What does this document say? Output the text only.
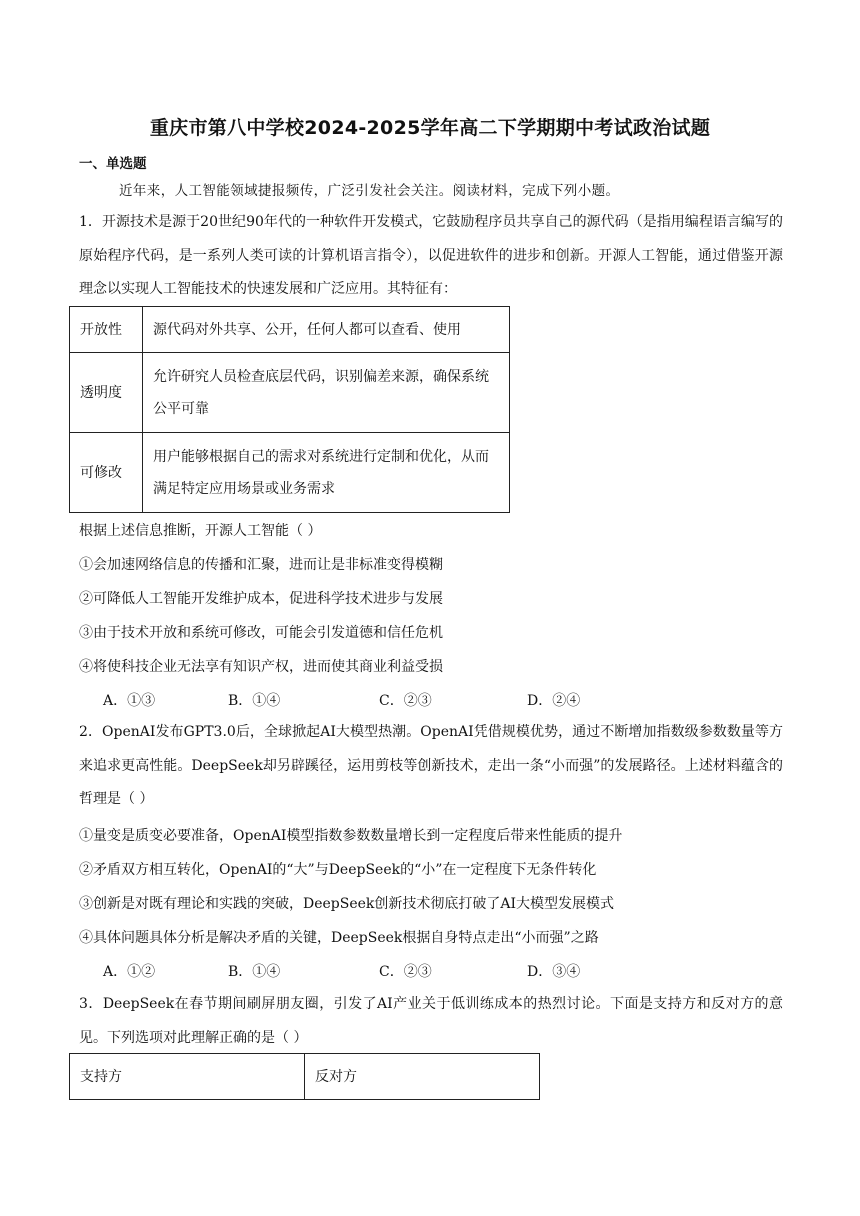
重庆市第八中学校2024-2025学年高二下学期期中考试政治试题
一、单选题
近年来，人工智能领域捷报频传，广泛引发社会关注。阅读材料，完成下列小题。
1．开源技术是源于20世纪90年代的一种软件开发模式，它鼓励程序员共享自己的源代码（是指用编程语言编写的原始程序代码，是一系列人类可读的计算机语言指令），以促进软件的进步和创新。开源人工智能，通过借鉴开源理念以实现人工智能技术的快速发展和广泛应用。其特征有：
开放性	源代码对外共享、公开，任何人都可以查看、使用
透明度	允许研究人员检查底层代码，识别偏差来源，确保系统公平可靠
可修改	用户能够根据自己的需求对系统进行定制和优化，从而满足特定应用场景或业务需求
根据上述信息推断，开源人工智能（ ）
①会加速网络信息的传播和汇聚，进而让是非标准变得模糊
②可降低人工智能开发维护成本，促进科学技术进步与发展
③由于技术开放和系统可修改，可能会引发道德和信任危机
④将使科技企业无法享有知识产权，进而使其商业利益受损
A．①③	B．①④	C．②③	D．②④
2．OpenAI发布GPT3.0后，全球掀起AI大模型热潮。OpenAI凭借规模优势，通过不断增加指数级参数数量等方来追求更高性能。DeepSeek却另辟蹊径，运用剪枝等创新技术，走出一条“小而强”的发展路径。上述材料蕴含的哲理是（ ）
①量变是质变必要准备，OpenAI模型指数参数数量增长到一定程度后带来性能质的提升
②矛盾双方相互转化，OpenAI的“大”与DeepSeek的“小”在一定程度下无条件转化
③创新是对既有理论和实践的突破，DeepSeek创新技术彻底打破了AI大模型发展模式
④具体问题具体分析是解决矛盾的关键，DeepSeek根据自身特点走出“小而强”之路
A．①②	B．①④	C．②③	D．③④
3．DeepSeek在春节期间刷屏朋友圈，引发了AI产业关于低训练成本的热烈讨论。下面是支持方和反对方的意见。下列选项对此理解正确的是（ ）
支持方	反对方
